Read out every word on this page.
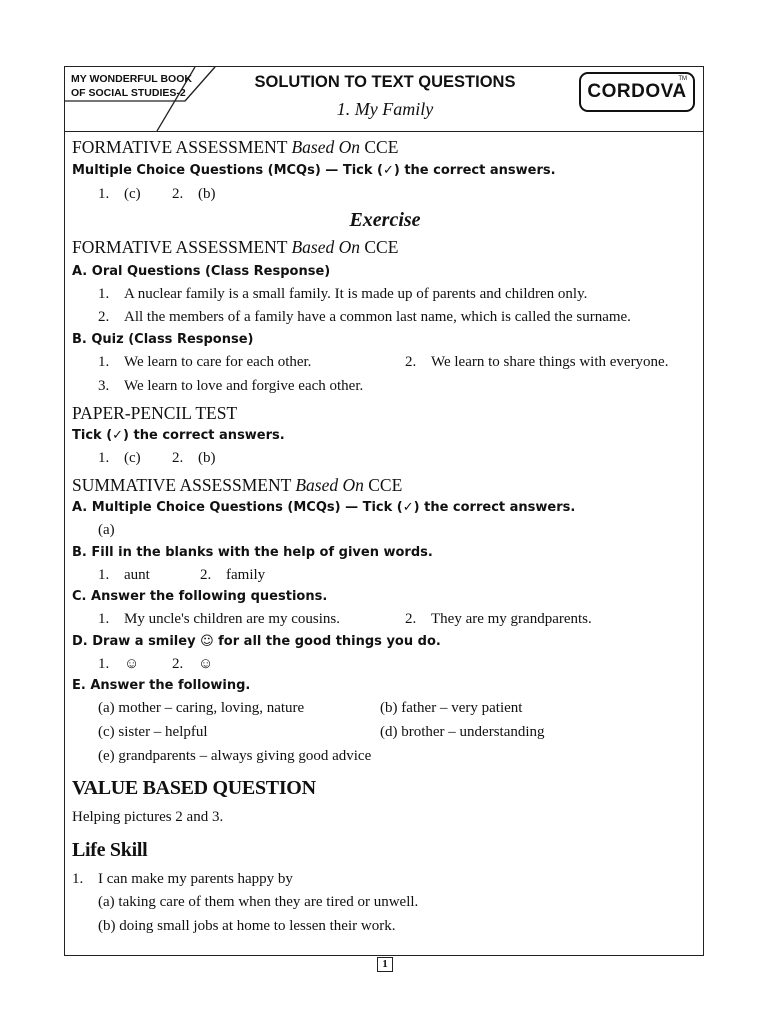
MY WONDERFUL BOOK
OF SOCIAL STUDIES-2
SOLUTION TO TEXT QUESTIONS
1. My Family
CORDOVA
TM
FORMATIVE ASSESSMENT Based On CCE
Multiple Choice Questions (MCQs) — Tick (✓) the correct answers.
1. (c) 2. (b)
Exercise
FORMATIVE ASSESSMENT Based On CCE
A. Oral Questions (Class Response)
1. A nuclear family is a small family. It is made up of parents and children only.
2. All the members of a family have a common last name, which is called the surname.
B. Quiz (Class Response)
1. We learn to care for each other.	2. We learn to share things with everyone.
3. We learn to love and forgive each other.
PAPER-PENCIL TEST
Tick (✓) the correct answers.
1. (c) 2. (b)
SUMMATIVE ASSESSMENT Based On CCE
A. Multiple Choice Questions (MCQs) — Tick (✓) the correct answers.
(a)
B. Fill in the blanks with the help of given words.
1. aunt	2. family
C. Answer the following questions.
1. My uncle's children are my cousins.	2. They are my grandparents.
D. Draw a smiley ☺ for all the good things you do.
1. ☺ 2. ☺
E. Answer the following.
(a) mother – caring, loving, nature	(b) father – very patient
(c) sister – helpful	(d) brother – understanding
(e) grandparents – always giving good advice
VALUE BASED QUESTION
Helping pictures 2 and 3.
Life Skill
1. I can make my parents happy by
(a) taking care of them when they are tired or unwell.
(b) doing small jobs at home to lessen their work.
1
